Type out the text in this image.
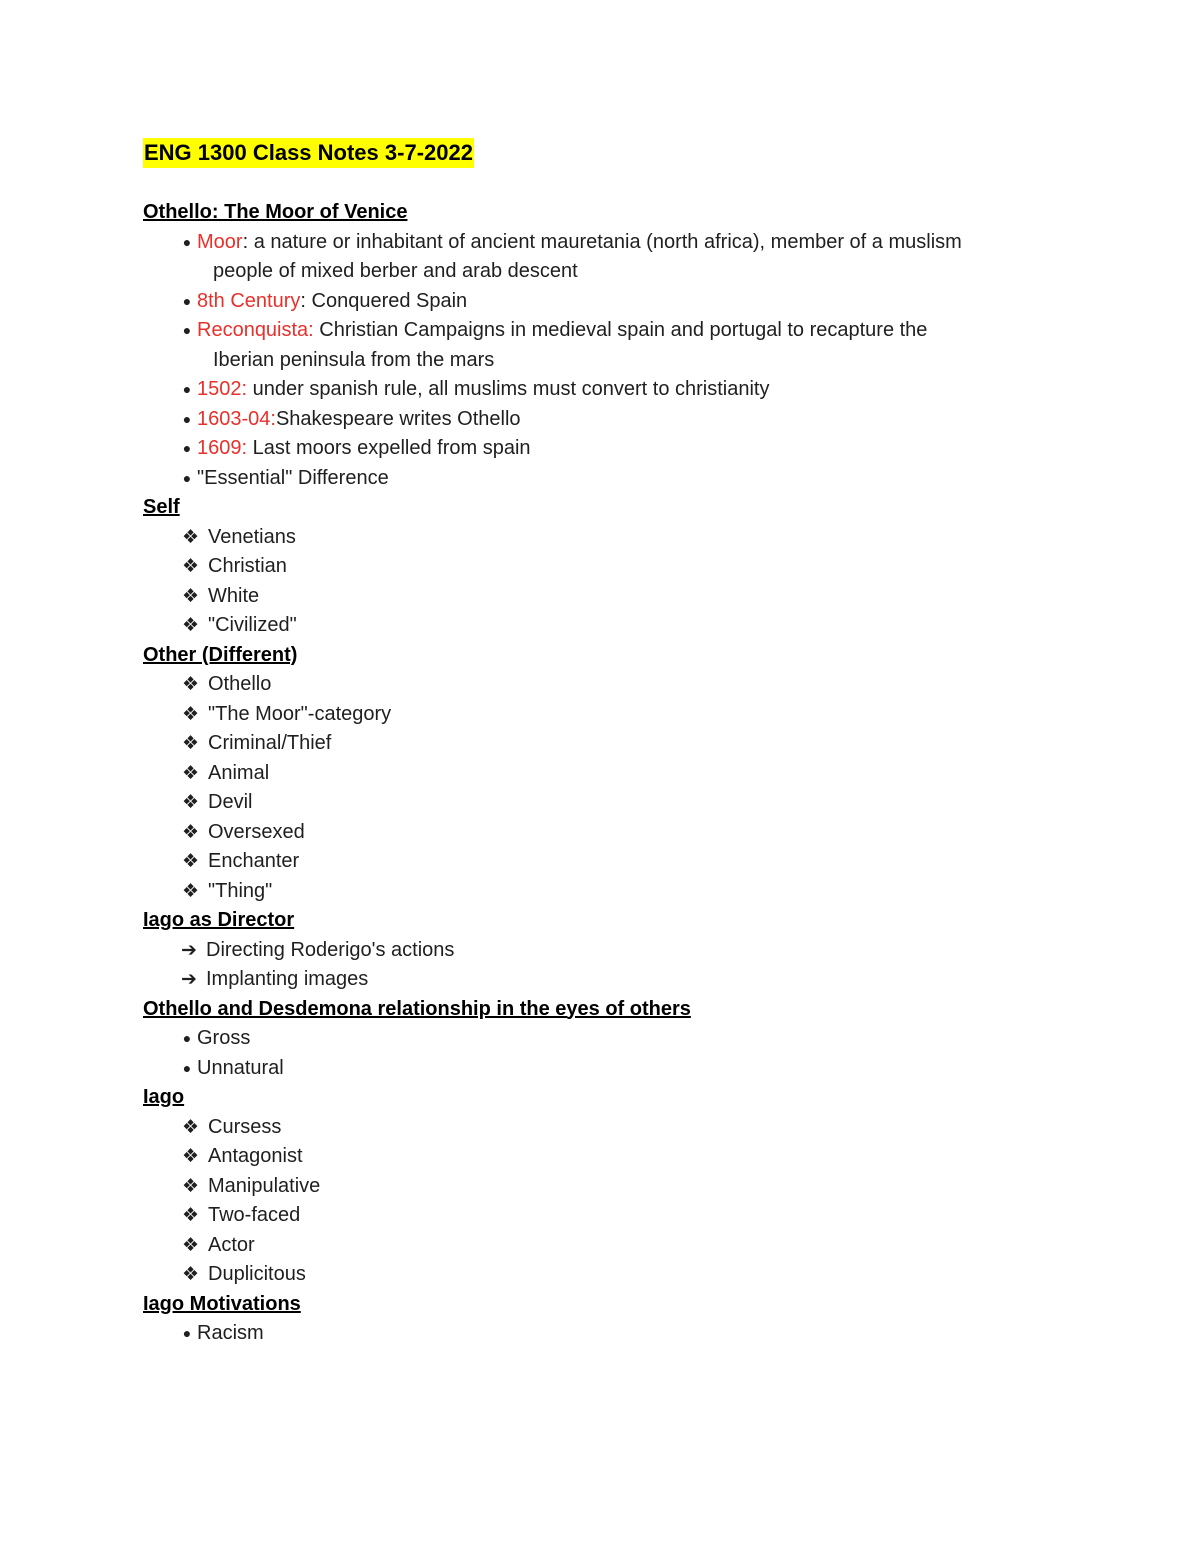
ENG 1300 Class Notes 3-7-2022
Othello: The Moor of Venice
● Moor: a nature or inhabitant of ancient mauretania (north africa), member of a muslism
people of mixed berber and arab descent
● 8th Century: Conquered Spain
● Reconquista: Christian Campaigns in medieval spain and portugal to recapture the
Iberian peninsula from the mars
● 1502: under spanish rule, all muslims must convert to christianity
● 1603-04:Shakespeare writes Othello
● 1609: Last moors expelled from spain
● "Essential" Difference
Self
❖ Venetians
❖ Christian
❖ White
❖ "Civilized"
Other (Different)
❖ Othello
❖ "The Moor"-category
❖ Criminal/Thief
❖ Animal
❖ Devil
❖ Oversexed
❖ Enchanter
❖ "Thing"
Iago as Director
➔ Directing Roderigo's actions
➔ Implanting images
Othello and Desdemona relationship in the eyes of others
● Gross
● Unnatural
Iago
❖ Cursess
❖ Antagonist
❖ Manipulative
❖ Two-faced
❖ Actor
❖ Duplicitous
Iago Motivations
● Racism
